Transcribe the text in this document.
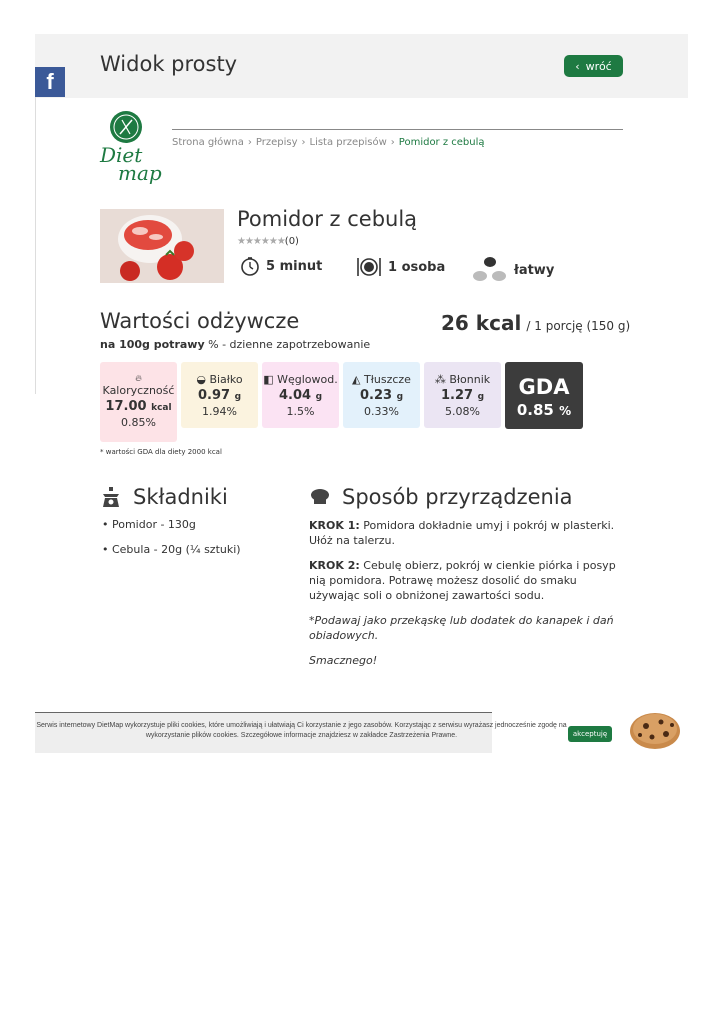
Widok prosty	‹ wróć
f
Diet
map
Strona główna › Przepisy › Lista przepisów › Pomidor z cebulą
Pomidor z cebulą
★★★★★★(0)
5 minut	1 osoba	łatwy
Wartości odżywcze	26 kcal / 1 porcję (150 g)
na 100g potrawy % - dzienne zapotrzebowanie
🔥︎
Kaloryczność
17.00 kcal
0.85%
◒ Białko
0.97 g
1.94%
◧ Węglowod.
4.04 g
1.5%
◭ Tłuszcze
0.23 g
0.33%
⁂ Błonnik
1.27 g
5.08%
GDA
0.85 %
* wartości GDA dla diety 2000 kcal
Składniki
• Pomidor - 130g
• Cebula - 20g (¼ sztuki)
Sposób przyrządzenia

KROK 1: Pomidora dokładnie umyj i pokrój w plasterki. Ułóż na talerzu.

KROK 2: Cebulę obierz, pokrój w cienkie piórka i posyp nią pomidora. Potrawę możesz dosolić do smaku używając soli o obniżonej zawartości sodu.

*Podawaj jako przekąskę lub dodatek do kanapek i dań obiadowych.

Smacznego!

Serwis internetowy DietMap wykorzystuje pliki cookies, które umożliwiają i ułatwiają Ci korzystanie z jego zasobów. Korzystając z serwisu wyrażasz jednocześnie zgodę na wykorzystanie plików cookies. Szczegółowe informacje znajdziesz w zakładce Zastrzeżenia Prawne.	akceptuję
